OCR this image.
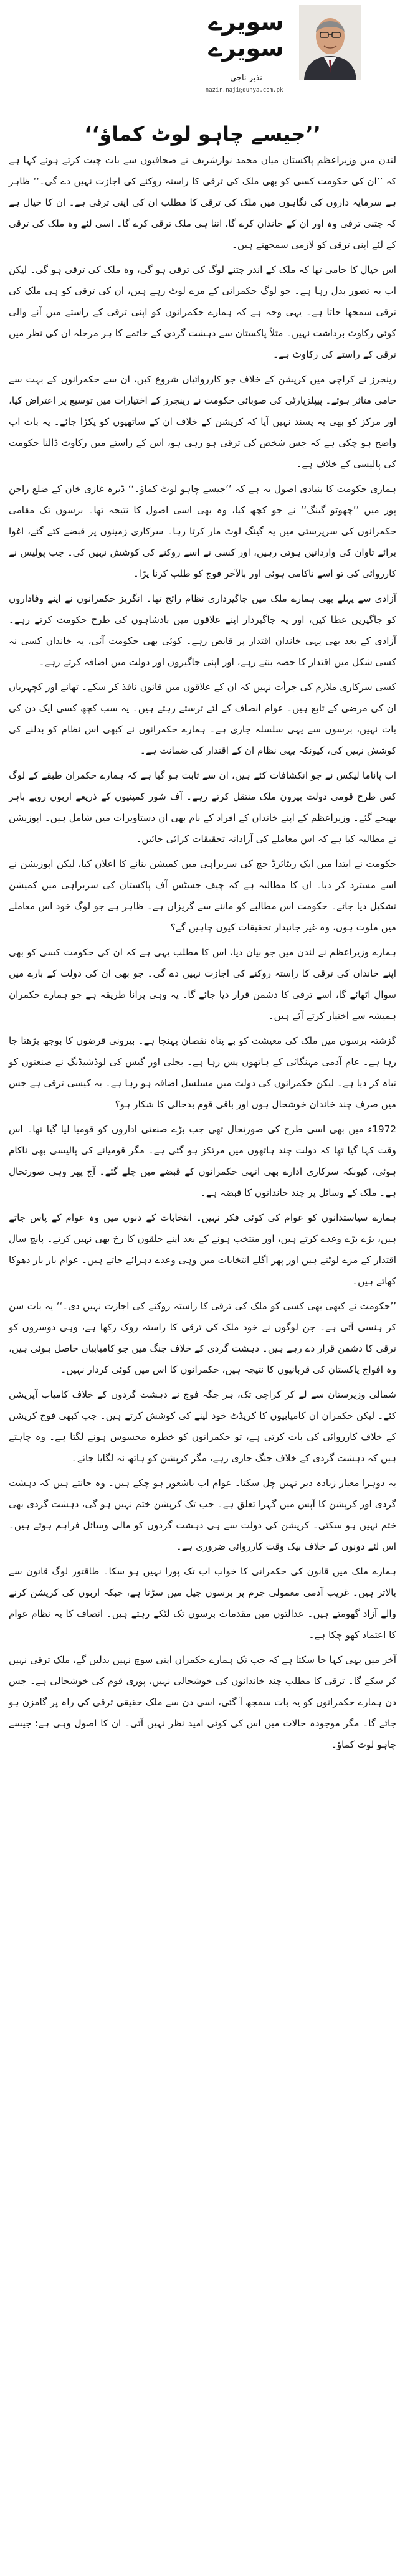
سویرے
سویرے
نذیر ناجی
nazir.naji@dunya.com.pk
’’جیسے چاہو لوٹ کماؤ‘‘

لندن میں وزیراعظم پاکستان میاں محمد نوازشریف نے صحافیوں سے بات چیت کرتے ہوئے کہا ہے کہ ’’ان کی حکومت کسی کو بھی ملک کی ترقی کا راستہ روکنے کی اجازت نہیں دے گی۔‘‘ ظاہر ہے سرمایہ داروں کی نگاہوں میں ملک کی ترقی کا مطلب ان کی اپنی ترقی ہے۔ ان کا خیال ہے کہ جتنی ترقی وہ اور ان کے خاندان کرے گا، اتنا ہی ملک ترقی کرے گا۔ اسی لئے وہ ملک کی ترقی کے لئے اپنی ترقی کو لازمی سمجھتے ہیں۔

اس خیال کا حامی تھا کہ ملک کے اندر جتنے لوگ کی ترقی ہو گی، وہ ملک کی ترقی ہو گی۔ لیکن اب یہ تصور بدل رہا ہے۔ جو لوگ حکمرانی کے مزے لوٹ رہے ہیں، ان کی ترقی کو ہی ملک کی ترقی سمجھا جاتا ہے۔ یہی وجہ ہے کہ ہمارے حکمرانوں کو اپنی ترقی کے راستے میں آنے والی کوئی رکاوٹ برداشت نہیں۔ مثلاً پاکستان سے دہشت گردی کے خاتمے کا ہر مرحلہ ان کی نظر میں ترقی کے راستے کی رکاوٹ ہے۔

رینجرز نے کراچی میں کرپشن کے خلاف جو کارروائیاں شروع کیں، ان سے حکمرانوں کے بہت سے حامی متاثر ہوئے۔ پیپلزپارٹی کی صوبائی حکومت نے رینجرز کے اختیارات میں توسیع پر اعتراض کیا، اور مرکز کو بھی یہ پسند نہیں آیا کہ کرپشن کے خلاف ان کے ساتھیوں کو پکڑا جائے۔ یہ بات اب واضح ہو چکی ہے کہ جس شخص کی ترقی ہو رہی ہو، اس کے راستے میں رکاوٹ ڈالنا حکومت کی پالیسی کے خلاف ہے۔

ہماری حکومت کا بنیادی اصول یہ ہے کہ ’’جیسے چاہو لوٹ کماؤ۔‘‘ ڈیرہ غازی خان کے ضلع راجن پور میں ’’چھوٹو گینگ‘‘ نے جو کچھ کیا، وہ بھی اسی اصول کا نتیجہ تھا۔ برسوں تک مقامی حکمرانوں کی سرپرستی میں یہ گینگ لوٹ مار کرتا رہا۔ سرکاری زمینوں پر قبضے کئے گئے، اغوا برائے تاوان کی وارداتیں ہوتی رہیں، اور کسی نے اسے روکنے کی کوشش نہیں کی۔ جب پولیس نے کارروائی کی تو اسے ناکامی ہوئی اور بالآخر فوج کو طلب کرنا پڑا۔

آزادی سے پہلے بھی ہمارے ملک میں جاگیرداری نظام رائج تھا۔ انگریز حکمرانوں نے اپنے وفاداروں کو جاگیریں عطا کیں، اور یہ جاگیردار اپنے علاقوں میں بادشاہوں کی طرح حکومت کرتے رہے۔ آزادی کے بعد بھی یہی خاندان اقتدار پر قابض رہے۔ کوئی بھی حکومت آئی، یہ خاندان کسی نہ کسی شکل میں اقتدار کا حصہ بنتے رہے، اور اپنی جاگیروں اور دولت میں اضافہ کرتے رہے۔

کسی سرکاری ملازم کی جرأت نہیں کہ ان کے علاقوں میں قانون نافذ کر سکے۔ تھانے اور کچہریاں ان کی مرضی کے تابع ہیں۔ عوام انصاف کے لئے ترستے رہتے ہیں۔ یہ سب کچھ کسی ایک دن کی بات نہیں، برسوں سے یہی سلسلہ جاری ہے۔ ہمارے حکمرانوں نے کبھی اس نظام کو بدلنے کی کوشش نہیں کی، کیونکہ یہی نظام ان کے اقتدار کی ضمانت ہے۔

اب پاناما لیکس نے جو انکشافات کئے ہیں، ان سے ثابت ہو گیا ہے کہ ہمارے حکمران طبقے کے لوگ کس طرح قومی دولت بیرون ملک منتقل کرتے رہے۔ آف شور کمپنیوں کے ذریعے اربوں روپے باہر بھیجے گئے۔ وزیراعظم کے اپنے خاندان کے افراد کے نام بھی ان دستاویزات میں شامل ہیں۔ اپوزیشن نے مطالبہ کیا ہے کہ اس معاملے کی آزادانہ تحقیقات کرائی جائیں۔

حکومت نے ابتدا میں ایک ریٹائرڈ جج کی سربراہی میں کمیشن بنانے کا اعلان کیا، لیکن اپوزیشن نے اسے مسترد کر دیا۔ ان کا مطالبہ ہے کہ چیف جسٹس آف پاکستان کی سربراہی میں کمیشن تشکیل دیا جائے۔ حکومت اس مطالبے کو ماننے سے گریزاں ہے۔ ظاہر ہے جو لوگ خود اس معاملے میں ملوث ہوں، وہ غیر جانبدار تحقیقات کیوں چاہیں گے؟

ہمارے وزیراعظم نے لندن میں جو بیان دیا، اس کا مطلب یہی ہے کہ ان کی حکومت کسی کو بھی اپنے خاندان کی ترقی کا راستہ روکنے کی اجازت نہیں دے گی۔ جو بھی ان کی دولت کے بارے میں سوال اٹھائے گا، اسے ترقی کا دشمن قرار دیا جائے گا۔ یہ وہی پرانا طریقہ ہے جو ہمارے حکمران ہمیشہ سے اختیار کرتے آئے ہیں۔

گزشتہ برسوں میں ملک کی معیشت کو بے پناہ نقصان پہنچا ہے۔ بیرونی قرضوں کا بوجھ بڑھتا جا رہا ہے۔ عام آدمی مہنگائی کے ہاتھوں پس رہا ہے۔ بجلی اور گیس کی لوڈشیڈنگ نے صنعتوں کو تباہ کر دیا ہے۔ لیکن حکمرانوں کی دولت میں مسلسل اضافہ ہو رہا ہے۔ یہ کیسی ترقی ہے جس میں صرف چند خاندان خوشحال ہوں اور باقی قوم بدحالی کا شکار ہو؟

1972ء میں بھی اسی طرح کی صورتحال تھی جب بڑے صنعتی اداروں کو قومیا لیا گیا تھا۔ اس وقت کہا گیا تھا کہ دولت چند ہاتھوں میں مرتکز ہو گئی ہے۔ مگر قومیانے کی پالیسی بھی ناکام ہوئی، کیونکہ سرکاری ادارے بھی انہی حکمرانوں کے قبضے میں چلے گئے۔ آج پھر وہی صورتحال ہے۔ ملک کے وسائل پر چند خاندانوں کا قبضہ ہے۔

ہمارے سیاستدانوں کو عوام کی کوئی فکر نہیں۔ انتخابات کے دنوں میں وہ عوام کے پاس جاتے ہیں، بڑے بڑے وعدے کرتے ہیں، اور منتخب ہونے کے بعد اپنے حلقوں کا رخ بھی نہیں کرتے۔ پانچ سال اقتدار کے مزے لوٹتے ہیں اور پھر اگلے انتخابات میں وہی وعدے دہرائے جاتے ہیں۔ عوام بار بار دھوکا کھاتے ہیں۔

’’حکومت نے کبھی بھی کسی کو ملک کی ترقی کا راستہ روکنے کی اجازت نہیں دی۔‘‘ یہ بات سن کر ہنسی آتی ہے۔ جن لوگوں نے خود ملک کی ترقی کا راستہ روک رکھا ہے، وہی دوسروں کو ترقی کا دشمن قرار دے رہے ہیں۔ دہشت گردی کے خلاف جنگ میں جو کامیابیاں حاصل ہوئی ہیں، وہ افواج پاکستان کی قربانیوں کا نتیجہ ہیں، حکمرانوں کا اس میں کوئی کردار نہیں۔

شمالی وزیرستان سے لے کر کراچی تک، ہر جگہ فوج نے دہشت گردوں کے خلاف کامیاب آپریشن کئے۔ لیکن حکمران ان کامیابیوں کا کریڈٹ خود لینے کی کوشش کرتے ہیں۔ جب کبھی فوج کرپشن کے خلاف کارروائی کی بات کرتی ہے، تو حکمرانوں کو خطرہ محسوس ہونے لگتا ہے۔ وہ چاہتے ہیں کہ دہشت گردی کے خلاف جنگ جاری رہے، مگر کرپشن کو ہاتھ نہ لگایا جائے۔

یہ دوہرا معیار زیادہ دیر نہیں چل سکتا۔ عوام اب باشعور ہو چکے ہیں۔ وہ جانتے ہیں کہ دہشت گردی اور کرپشن کا آپس میں گہرا تعلق ہے۔ جب تک کرپشن ختم نہیں ہو گی، دہشت گردی بھی ختم نہیں ہو سکتی۔ کرپشن کی دولت سے ہی دہشت گردوں کو مالی وسائل فراہم ہوتے ہیں۔ اس لئے دونوں کے خلاف بیک وقت کارروائی ضروری ہے۔

ہمارے ملک میں قانون کی حکمرانی کا خواب اب تک پورا نہیں ہو سکا۔ طاقتور لوگ قانون سے بالاتر ہیں۔ غریب آدمی معمولی جرم پر برسوں جیل میں سڑتا ہے، جبکہ اربوں کی کرپشن کرنے والے آزاد گھومتے ہیں۔ عدالتوں میں مقدمات برسوں تک لٹکے رہتے ہیں۔ انصاف کا یہ نظام عوام کا اعتماد کھو چکا ہے۔

آخر میں یہی کہا جا سکتا ہے کہ جب تک ہمارے حکمران اپنی سوچ نہیں بدلیں گے، ملک ترقی نہیں کر سکے گا۔ ترقی کا مطلب چند خاندانوں کی خوشحالی نہیں، پوری قوم کی خوشحالی ہے۔ جس دن ہمارے حکمرانوں کو یہ بات سمجھ آ گئی، اسی دن سے ملک حقیقی ترقی کی راہ پر گامزن ہو جائے گا۔ مگر موجودہ حالات میں اس کی کوئی امید نظر نہیں آتی۔ ان کا اصول وہی ہے: جیسے چاہو لوٹ کماؤ۔
